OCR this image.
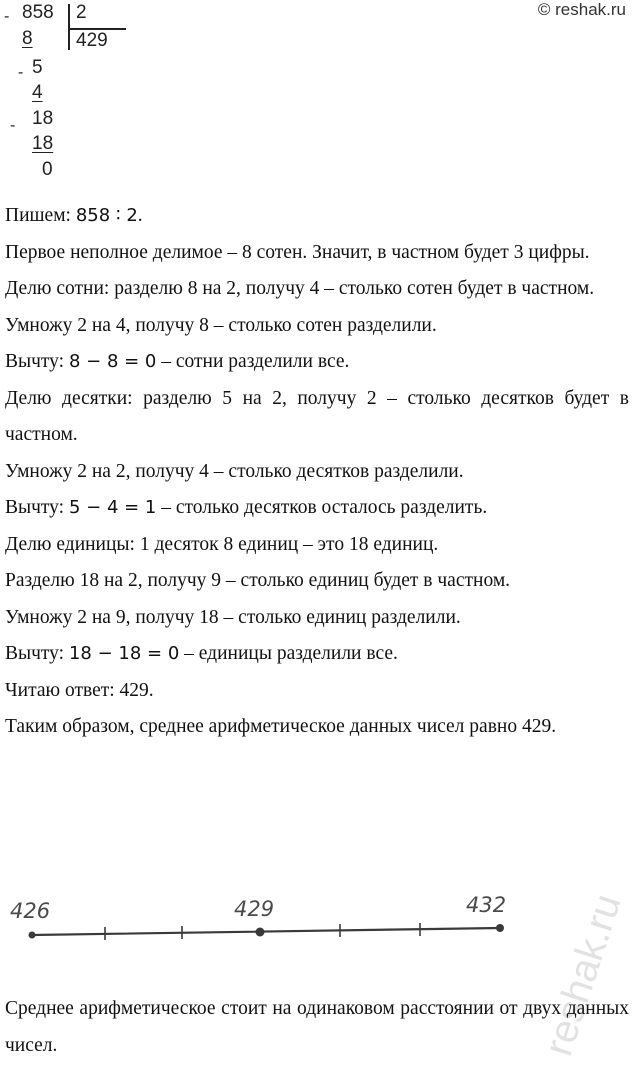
© reshak.ru
- 858 2
8 429
- 5
4
- 18
18
0

Пишем: 858 ∶ 2.

Первое неполное делимое – 8 сотен. Значит, в частном будет 3 цифры.

Делю сотни: разделю 8 на 2, получу 4 – столько сотен будет в частном.

Умножу 2 на 4, получу 8 – столько сотен разделили.

Вычту: 8 − 8 = 0 – сотни разделили все.

Делю десятки: разделю 5 на 2, получу 2 – столько десятков будет в частном.

Умножу 2 на 2, получу 4 – столько десятков разделили.

Вычту: 5 − 4 = 1 – столько десятков осталось разделить.

Делю единицы: 1 десяток 8 единиц – это 18 единиц.

Разделю 18 на 2, получу 9 – столько единиц будет в частном.

Умножу 2 на 9, получу 18 – столько единиц разделили.

Вычту: 18 − 18 = 0 – единицы разделили все.

Читаю ответ: 429.

Таким образом, среднее арифметическое данных чисел равно 429.

426	429	432 reshak.ru

Среднее арифметическое стоит на одинаковом расстоянии от двух данных чисел.
